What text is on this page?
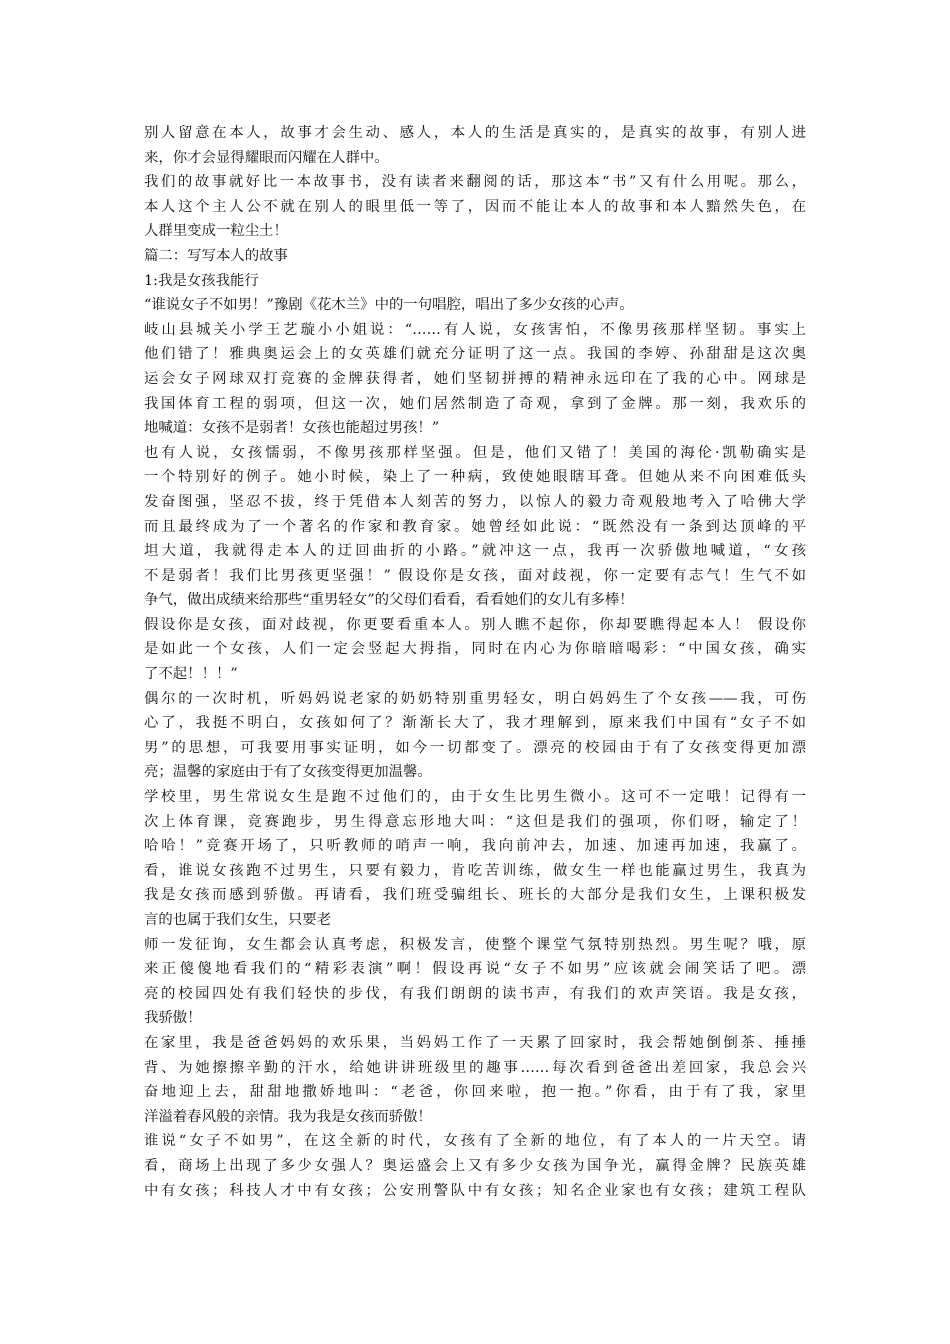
别人留意在本人，故事才会生动、感人，本人的生活是真实的，是真实的故事，有别人进
来，你才会显得耀眼而闪耀在人群中。
我们的故事就好比一本故事书，没有读者来翻阅的话，那这本“书”又有什么用呢。那么，
本人这个主人公不就在别人的眼里低一等了，因而不能让本人的故事和本人黯然失色，在
人群里变成一粒尘土！
篇二：写写本人的故事
1:我是女孩我能行
“谁说女子不如男！”豫剧《花木兰》中的一句唱腔，唱出了多少女孩的心声。
岐山县城关小学王艺璇小小姐说：“……有人说，女孩害怕，不像男孩那样坚韧。事实上
他们错了！雅典奥运会上的女英雄们就充分证明了这一点。我国的李婷、孙甜甜是这次奥
运会女子网球双打竞赛的金牌获得者，她们坚韧拼搏的精神永远印在了我的心中。网球是
我国体育工程的弱项，但这一次，她们居然制造了奇观，拿到了金牌。那一刻，我欢乐的
地喊道：女孩不是弱者！女孩也能超过男孩！”
也有人说，女孩懦弱，不像男孩那样坚强。但是，他们又错了！美国的海伦·凯勒确实是
一个特别好的例子。她小时候，染上了一种病，致使她眼瞎耳聋。但她从来不向困难低头
发奋图强，坚忍不拔，终于凭借本人刻苦的努力，以惊人的毅力奇观般地考入了哈佛大学
而且最终成为了一个著名的作家和教育家。她曾经如此说：“既然没有一条到达顶峰的平
坦大道，我就得走本人的迂回曲折的小路。”就冲这一点，我再一次骄傲地喊道，“女孩
不是弱者！我们比男孩更坚强！” 假设你是女孩，面对歧视，你一定要有志气！生气不如
争气，做出成绩来给那些“重男轻女”的父母们看看，看看她们的女儿有多棒！
假设你是女孩，面对歧视，你更要看重本人。别人瞧不起你，你却要瞧得起本人！ 假设你
是如此一个女孩，人们一定会竖起大拇指，同时在内心为你暗暗喝彩：“中国女孩，确实
了不起！！！”
偶尔的一次时机，听妈妈说老家的奶奶特别重男轻女，明白妈妈生了个女孩——我，可伤
心了，我挺不明白，女孩如何了？渐渐长大了，我才理解到，原来我们中国有“女子不如
男”的思想，可我要用事实证明，如今一切都变了。漂亮的校园由于有了女孩变得更加漂
亮；温馨的家庭由于有了女孩变得更加温馨。
学校里，男生常说女生是跑不过他们的，由于女生比男生微小。这可不一定哦！记得有一
次上体育课，竞赛跑步，男生得意忘形地大叫：“这但是我们的强项，你们呀，输定了！
哈哈！”竞赛开场了，只听教师的哨声一响，我向前冲去，加速、加速再加速，我赢了。
看，谁说女孩跑不过男生，只要有毅力，肯吃苦训练，做女生一样也能赢过男生，我真为
我是女孩而感到骄傲。再请看，我们班受骗组长、班长的大部分是我们女生，上课积极发
言的也属于我们女生，只要老
师一发征询，女生都会认真考虑，积极发言，使整个课堂气氛特别热烈。男生呢？哦，原
来正傻傻地看我们的“精彩表演”啊！假设再说“女子不如男”应该就会闹笑话了吧。漂
亮的校园四处有我们轻快的步伐，有我们朗朗的读书声，有我们的欢声笑语。我是女孩，
我骄傲！
在家里，我是爸爸妈妈的欢乐果，当妈妈工作了一天累了回家时，我会帮她倒倒茶、捶捶
背、为她擦擦辛勤的汗水，给她讲讲班级里的趣事……每次看到爸爸出差回家，我总会兴
奋地迎上去，甜甜地撒娇地叫：“老爸，你回来啦，抱一抱。”你看，由于有了我，家里
洋溢着春风般的亲情。我为我是女孩而骄傲！
谁说“女子不如男”，在这全新的时代，女孩有了全新的地位，有了本人的一片天空。请
看，商场上出现了多少女强人？奥运盛会上又有多少女孩为国争光，赢得金牌？民族英雄
中有女孩；科技人才中有女孩；公安刑警队中有女孩；知名企业家也有女孩；建筑工程队
